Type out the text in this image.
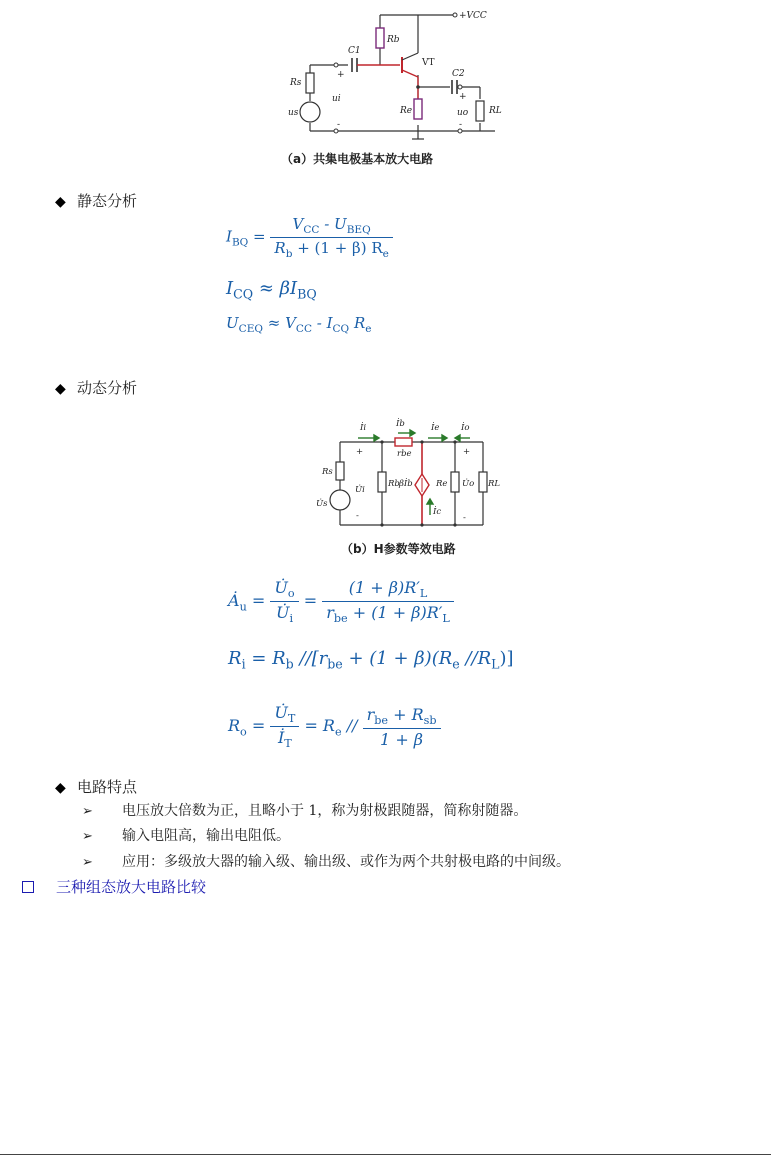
+VCC
Rb
C1
VT
C2
Rs
ui
us	Re	uo RL
+
-
+
-
（a）共集电极基本放大电路
◆ 静态分析
$I_{BQ} = \frac{V_{CC} - U_{BEQ}}{R_b + (1 + \beta) R_e}$
$I_{CQ} \approx \beta I_{BQ}$
$U_{CEQ} \approx V_{CC} - I_{CQ}$ $R_e$
◆ 动态分析
İi	İb	İe	İo
rbe
Rs
U̇i
U̇s
Rb βİb
İc
Re U̇o RL
+
-
+
-
（b）H参数等效电路
$Ȧ_u = \frac{U̇_o}{U̇_i} = \frac{(1 + \beta)R'_L}{r_{be} + (1 + \beta)R'_L}$
$R_i = R_b$ $//[r_{be} + (1 + \beta)(R_e$ $//R_L$)]
$R_o = \frac{U̇_T}{İ_T} = R_e // \frac{r_{be} + R_{sb}}{1 + \beta}$
◆ 电路特点
➢ 电压放大倍数为正，且略小于 1，称为射极跟随器，简称射随器。
➢ 输入电阻高，输出电阻低。
➢ 应用：多级放大器的输入级、输出级、或作为两个共射极电路的中间级。
三种组态放大电路比较
